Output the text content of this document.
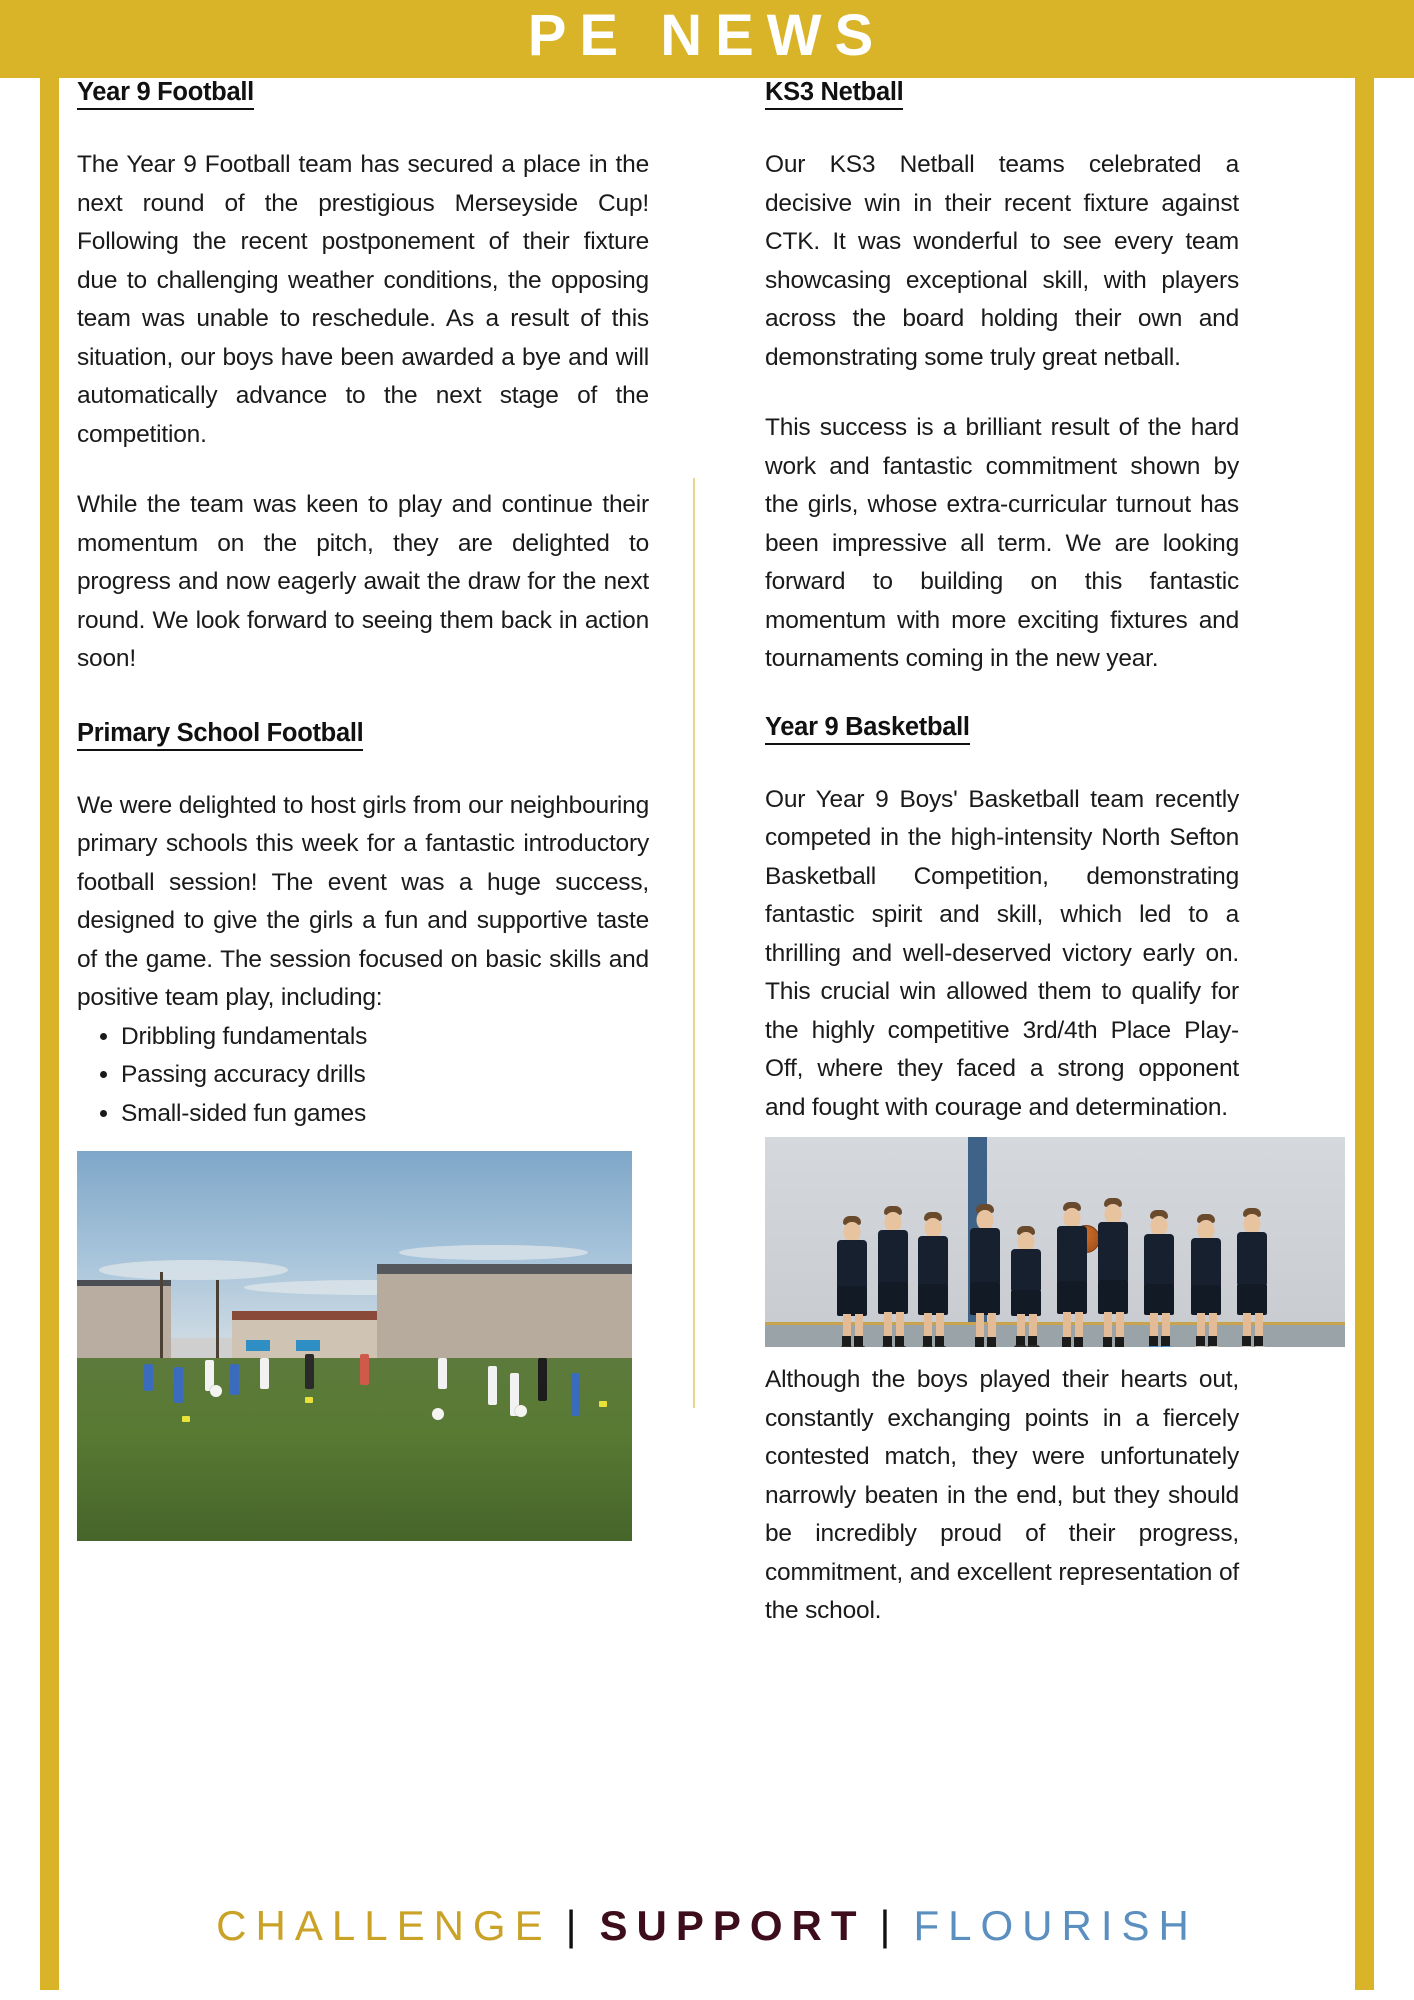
PE NEWS
Year 9 Football

The Year 9 Football team has secured a place in the next round of the prestigious Merseyside Cup! Following the recent postponement of their fixture due to challenging weather conditions, the opposing team was unable to reschedule. As a result of this situation, our boys have been awarded a bye and will automatically advance to the next stage of the competition.

While the team was keen to play and continue their momentum on the pitch, they are delighted to progress and now eagerly await the draw for the next round. We look forward to seeing them back in action soon!

Primary School Football

We were delighted to host girls from our neighbouring primary schools this week for a fantastic introductory football session! The event was a huge success, designed to give the girls a fun and supportive taste of the game. The session focused on basic skills and positive team play, including:

• Dribbling fundamentals
• Passing accuracy drills
• Small-sided fun games
KS3 Netball

Our KS3 Netball teams celebrated a decisive win in their recent fixture against CTK. It was wonderful to see every team showcasing exceptional skill, with players across the board holding their own and demonstrating some truly great netball.

This success is a brilliant result of the hard work and fantastic commitment shown by the girls, whose extra-curricular turnout has been impressive all term. We are looking forward to building on this fantastic momentum with more exciting fixtures and tournaments coming in the new year.

Year 9 Basketball

Our Year 9 Boys' Basketball team recently competed in the high-intensity North Sefton Basketball Competition, demonstrating fantastic spirit and skill, which led to a thrilling and well-deserved victory early on. This crucial win allowed them to qualify for the highly competitive 3rd/4th Place Play-Off, where they faced a strong opponent and fought with courage and determination.

Although the boys played their hearts out, constantly exchanging points in a fiercely contested match, they were unfortunately narrowly beaten in the end, but they should be incredibly proud of their progress, commitment, and excellent representation of the school.

CHALLENGE | SUPPORT | FLOURISH
